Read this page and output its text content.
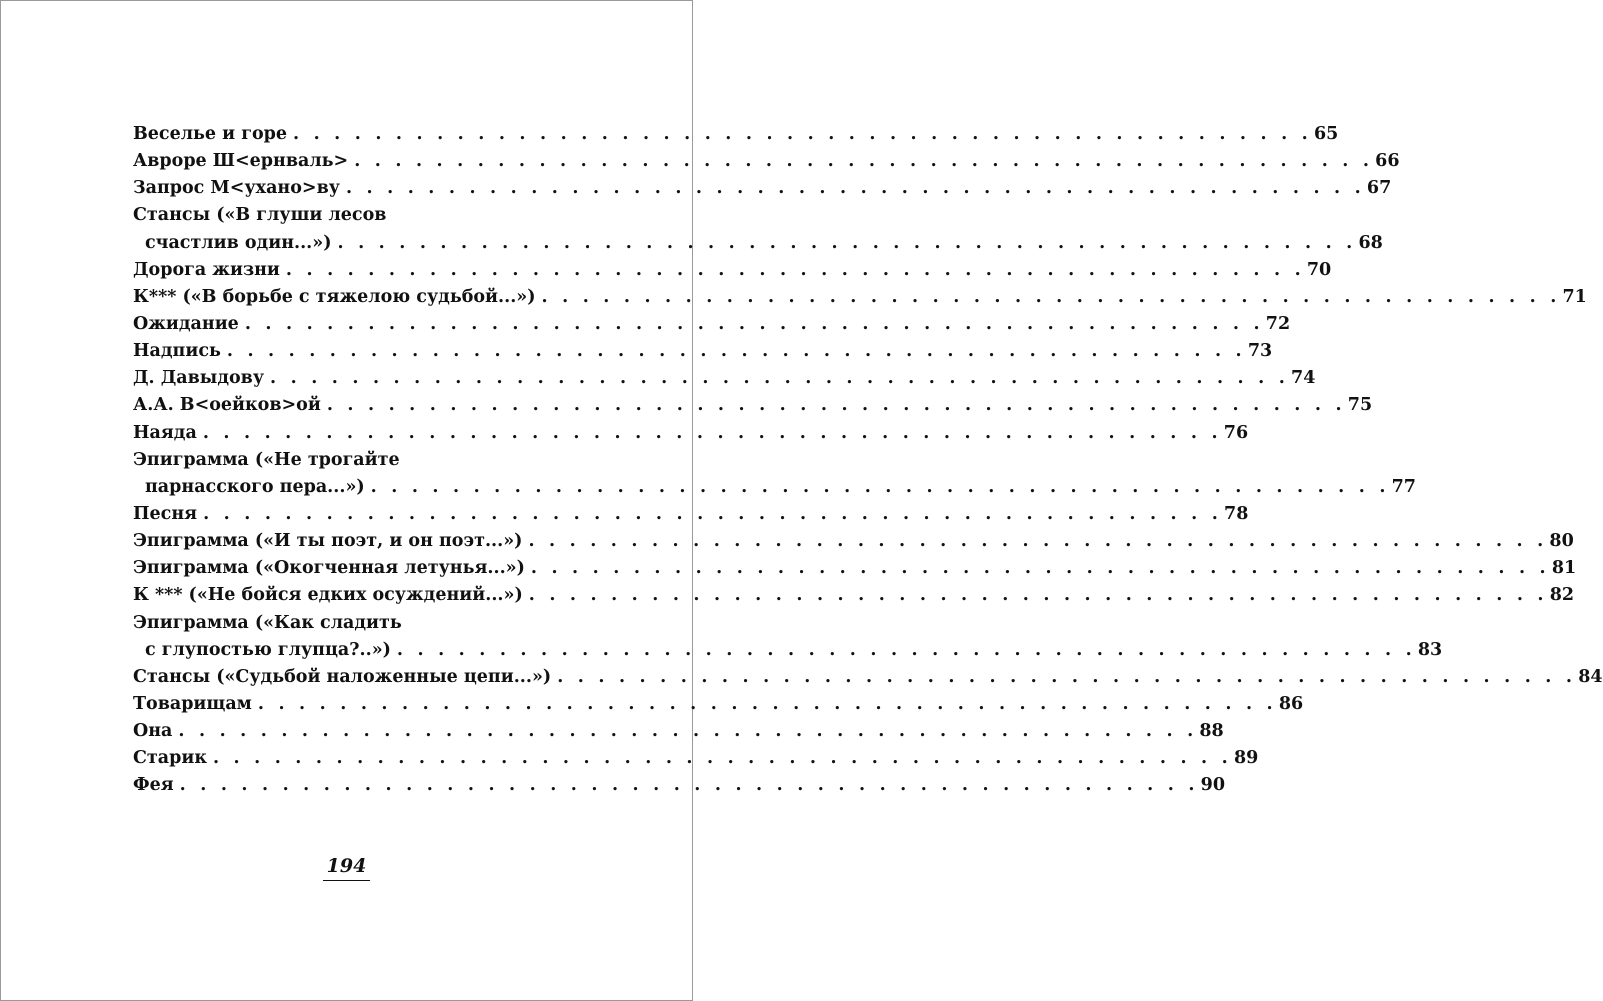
Веселье и горе . . . . . . . . . . . . . . . . . . . . . . . . . . . . . . . . . . . . . . . . . . . . . . . . . . 65
Авроре Ш<ернваль> . . . . . . . . . . . . . . . . . . . . . . . . . . . . . . . . . . . . . . . . . . . . . . . . . . 66
Запрос М<ухано>ву . . . . . . . . . . . . . . . . . . . . . . . . . . . . . . . . . . . . . . . . . . . . . . . . . . 67
Стансы («В глуши лесов
счастлив один...») . . . . . . . . . . . . . . . . . . . . . . . . . . . . . . . . . . . . . . . . . . . . . . . . . . 68
Дорога жизни . . . . . . . . . . . . . . . . . . . . . . . . . . . . . . . . . . . . . . . . . . . . . . . . . . 70
К*** («В борьбе с тяжелою судьбой...») . . . . . . . . . . . . . . . . . . . . . . . . . . . . . . . . . . . . . . . . . . . . . . . . . . 71
Ожидание . . . . . . . . . . . . . . . . . . . . . . . . . . . . . . . . . . . . . . . . . . . . . . . . . . 72
Надпись . . . . . . . . . . . . . . . . . . . . . . . . . . . . . . . . . . . . . . . . . . . . . . . . . . 73
Д. Давыдову . . . . . . . . . . . . . . . . . . . . . . . . . . . . . . . . . . . . . . . . . . . . . . . . . . 74
А.А. В<оейков>ой . . . . . . . . . . . . . . . . . . . . . . . . . . . . . . . . . . . . . . . . . . . . . . . . . . 75
Наяда . . . . . . . . . . . . . . . . . . . . . . . . . . . . . . . . . . . . . . . . . . . . . . . . . . 76
Эпиграмма («Не трогайте
парнасского пера...») . . . . . . . . . . . . . . . . . . . . . . . . . . . . . . . . . . . . . . . . . . . . . . . . . . 77
Песня . . . . . . . . . . . . . . . . . . . . . . . . . . . . . . . . . . . . . . . . . . . . . . . . . . 78
Эпиграмма («И ты поэт, и он поэт...») . . . . . . . . . . . . . . . . . . . . . . . . . . . . . . . . . . . . . . . . . . . . . . . . . . 80
Эпиграмма («Окогченная летунья...») . . . . . . . . . . . . . . . . . . . . . . . . . . . . . . . . . . . . . . . . . . . . . . . . . . 81
К *** («Не бойся едких осуждений...») . . . . . . . . . . . . . . . . . . . . . . . . . . . . . . . . . . . . . . . . . . . . . . . . . . 82
Эпиграмма («Как сладить
с глупостью глупца?..») . . . . . . . . . . . . . . . . . . . . . . . . . . . . . . . . . . . . . . . . . . . . . . . . . . 83
Стансы («Судьбой наложенные цепи...») . . . . . . . . . . . . . . . . . . . . . . . . . . . . . . . . . . . . . . . . . . . . . . . . . . 84
Товарищам . . . . . . . . . . . . . . . . . . . . . . . . . . . . . . . . . . . . . . . . . . . . . . . . . . 86
Она . . . . . . . . . . . . . . . . . . . . . . . . . . . . . . . . . . . . . . . . . . . . . . . . . . 88
Старик . . . . . . . . . . . . . . . . . . . . . . . . . . . . . . . . . . . . . . . . . . . . . . . . . . 89
Фея . . . . . . . . . . . . . . . . . . . . . . . . . . . . . . . . . . . . . . . . . . . . . . . . . . 90
194
